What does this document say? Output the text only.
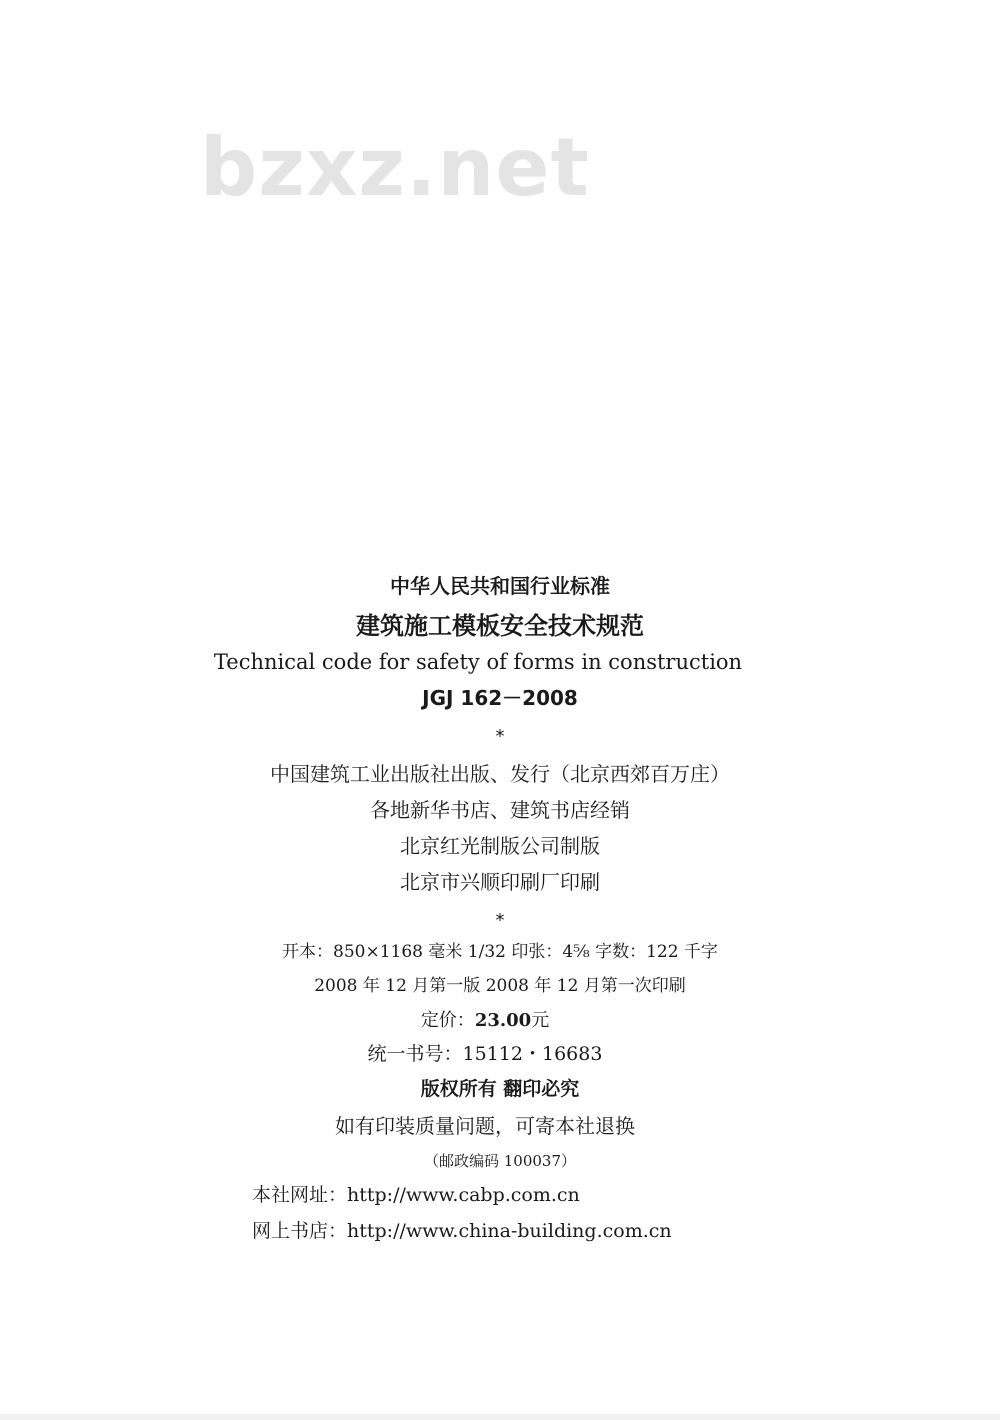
bzxz.net
中华人民共和国行业标准
建筑施工模板安全技术规范
Technical code for safety of forms in construction
JGJ 162－2008
*
中国建筑工业出版社出版、发行（北京西郊百万庄）
各地新华书店、建筑书店经销
北京红光制版公司制版
北京市兴顺印刷厂印刷
*
开本：850×1168 毫米 1/32 印张：4⁵⁄₈ 字数：122 千字
2008 年 12 月第一版 2008 年 12 月第一次印刷
定价：23.00元
统一书号：15112・16683
版权所有 翻印必究
如有印装质量问题，可寄本社退换
（邮政编码 100037）
本社网址：http://www.cabp.com.cn
网上书店：http://www.china-building.com.cn
